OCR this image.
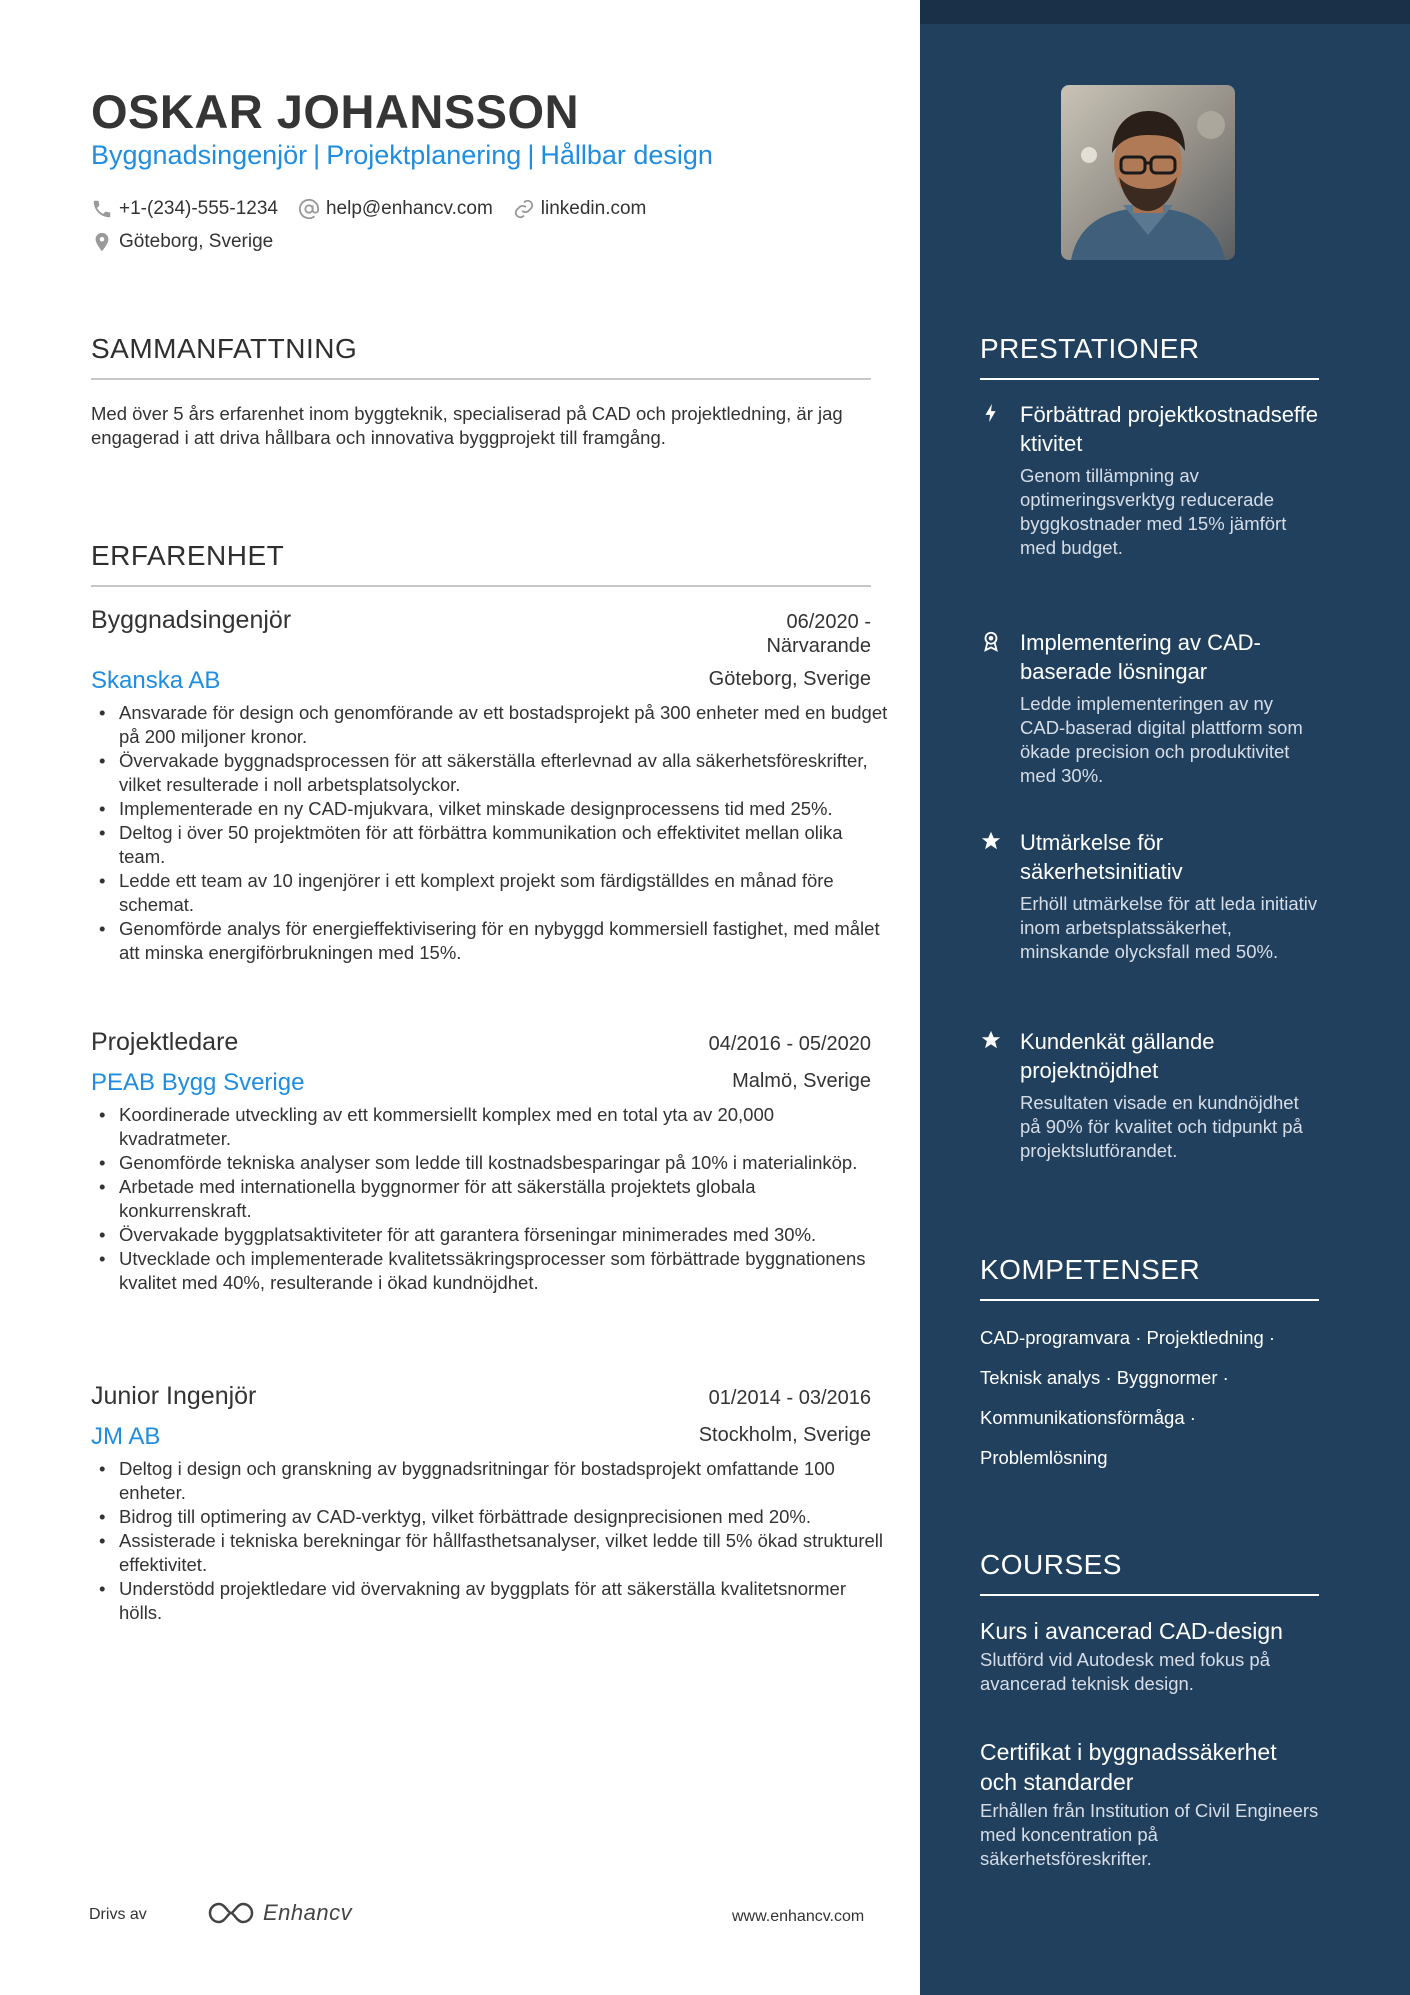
OSKAR JOHANSSON
Byggnadsingenjör | Projektplanering | Hållbar design
+1-(234)-555-1234	help@enhancv.com	linkedin.com
Göteborg, Sverige
SAMMANFATTNING
Med över 5 års erfarenhet inom byggteknik, specialiserad på CAD och projektledning, är jag engagerad i att driva hållbara och innovativa byggprojekt till framgång.
ERFARENHET
Byggnadsingenjör	06/2020 -
Närvarande
Skanska AB	Göteborg, Sverige
• Ansvarade för design och genomförande av ett bostadsprojekt på 300 enheter med en budget på 200 miljoner kronor.
• Övervakade byggnadsprocessen för att säkerställa efterlevnad av alla säkerhetsföreskrifter, vilket resulterade i noll arbetsplatsolyckor.
• Implementerade en ny CAD-mjukvara, vilket minskade designprocessens tid med 25%.
• Deltog i över 50 projektmöten för att förbättra kommunikation och effektivitet mellan olika team.
• Ledde ett team av 10 ingenjörer i ett komplext projekt som färdigställdes en månad före schemat.
• Genomförde analys för energieffektivisering för en nybyggd kommersiell fastighet, med målet att minska energiförbrukningen med 15%.
Projektledare	04/2016 - 05/2020
PEAB Bygg Sverige	Malmö, Sverige
• Koordinerade utveckling av ett kommersiellt komplex med en total yta av 20,000 kvadratmeter.
• Genomförde tekniska analyser som ledde till kostnadsbesparingar på 10% i materialinköp.
• Arbetade med internationella byggnormer för att säkerställa projektets globala konkurrenskraft.
• Övervakade byggplatsaktiviteter för att garantera förseningar minimerades med 30%.
• Utvecklade och implementerade kvalitetssäkringsprocesser som förbättrade byggnationens kvalitet med 40%, resulterande i ökad kundnöjdhet.
Junior Ingenjör	01/2014 - 03/2016
JM AB	Stockholm, Sverige
• Deltog i design och granskning av byggnadsritningar för bostadsprojekt omfattande 100 enheter.
• Bidrog till optimering av CAD-verktyg, vilket förbättrade designprecisionen med 20%.
• Assisterade i tekniska berekningar för hållfasthetsanalyser, vilket ledde till 5% ökad strukturell effektivitet.
• Understödd projektledare vid övervakning av byggplats för att säkerställa kvalitetsnormer hölls.
Drivs av	Enhancv	www.enhancv.com
PRESTATIONER
Förbättrad projektkostnadseffektivitet
Genom tillämpning av optimeringsverktyg reducerade byggkostnader med 15% jämfört med budget.
Implementering av CAD-baserade lösningar
Ledde implementeringen av ny CAD-baserad digital plattform som ökade precision och produktivitet med 30%.
Utmärkelse för säkerhetsinitiativ
Erhöll utmärkelse för att leda initiativ inom arbetsplatssäkerhet, minskande olycksfall med 50%.
Kundenkät gällande projektnöjdhet
Resultaten visade en kundnöjdhet på 90% för kvalitet och tidpunkt på projektslutförandet.
KOMPETENSER
CAD-programvara · Projektledning ·
Teknisk analys · Byggnormer ·
Kommunikationsförmåga ·
Problemlösning
COURSES
Kurs i avancerad CAD-design
Slutförd vid Autodesk med fokus på avancerad teknisk design.
Certifikat i byggnadssäkerhet och standarder
Erhållen från Institution of Civil Engineers med koncentration på säkerhetsföreskrifter.
